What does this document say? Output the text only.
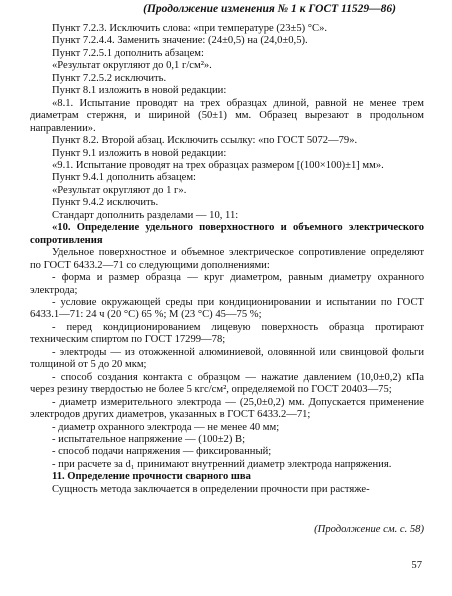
(Продолжение изменения № 1 к ГОСТ 11529—86)

Пункт 7.2.3. Исключить слова: «при температуре (23±5) °С».

Пункт 7.2.4.4. Заменить значение: (24±0,5) на (24,0±0,5).

Пункт 7.2.5.1 дополнить абзацем:

«Результат округляют до 0,1 г/см²».

Пункт 7.2.5.2 исключить.

Пункт 8.1 изложить в новой редакции:

«8.1. Испытание проводят на трех образцах длиной, равной не менее трем диаметрам стержня, и шириной (50±1) мм. Образец вырезают в продольном направлении».

Пункт 8.2. Второй абзац. Исключить ссылку: «по ГОСТ 5072—79».

Пункт 9.1 изложить в новой редакции:

«9.1. Испытание проводят на трех образцах размером [(100×100)±1] мм».

Пункт 9.4.1 дополнить абзацем:

«Результат округляют до 1 г».

Пункт 9.4.2 исключить.

Стандарт дополнить разделами — 10, 11:

«10. Определение удельного поверхностного и объемного электрического сопротивления

Удельное поверхностное и объемное электрическое сопротивление определяют по ГОСТ 6433.2—71 со следующими дополнениями:

- форма и размер образца — круг диаметром, равным диаметру охранного электрода;

- условие окружающей среды при кондиционировании и испытании по ГОСТ 6433.1—71: 24 ч (20 °С) 65 %; М (23 °С) 45—75 %;

- перед кондиционированием лицевую поверхность образца протирают техническим спиртом по ГОСТ 17299—78;

- электроды — из отожженной алюминиевой, оловянной или свинцовой фольги толщиной от 5 до 20 мкм;

- способ создания контакта с образцом — нажатие давлением (10,0±0,2) кПа через резину твердостью не более 5 кгс/см², определяемой по ГОСТ 20403—75;

- диаметр измерительного электрода — (25,0±0,2) мм. Допускается применение электродов других диаметров, указанных в ГОСТ 6433.2—71;

- диаметр охранного электрода — не менее 40 мм;

- испытательное напряжение — (100±2) В;

- способ подачи напряжения — фиксированный;

- при расчете за d₁ принимают внутренний диаметр электрода напряжения.

11. Определение прочности сварного шва

Сущность метода заключается в определении прочности при растяже-

(Продолжение см. с. 58)
57
